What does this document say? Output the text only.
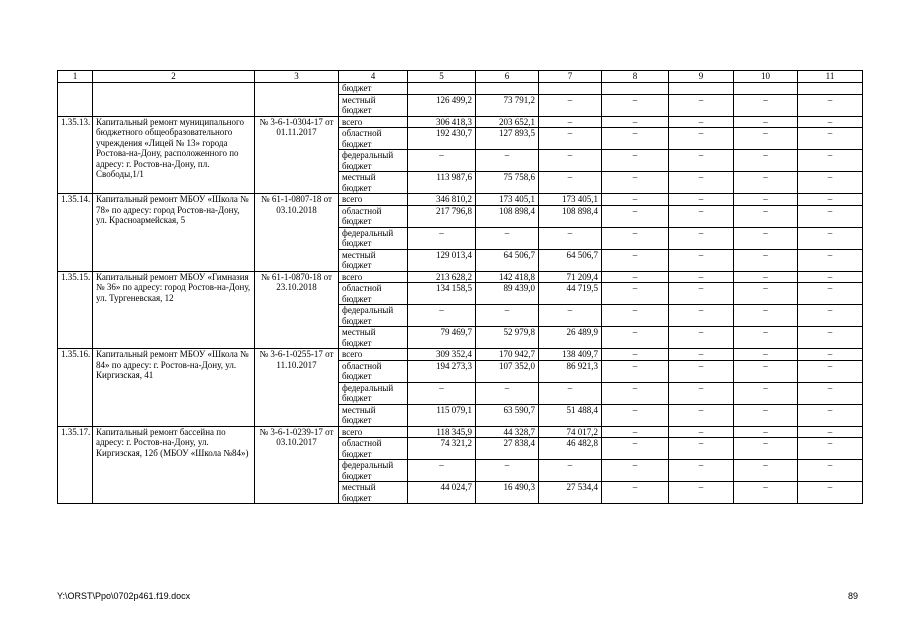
1	2	3	4	5	6	7	8	9	10	11
			бюджет							
			местный бюджет	126 499,2	73 791,2	–	–	–	–	–
1.35.13.	Капитальный ремонт муниципального бюджетного общеобразовательного учреждения «Лицей № 13» города Ростова-на-Дону, расположенного по адресу: г. Ростов-на-Дону, пл. Свободы,1/1	№ 3-6-1-0304-17 от 01.11.2017	всего	306 418,3	203 652,1	–	–	–	–	–
			областной бюджет	192 430,7	127 893,5	–	–	–	–	–
			федеральный бюджет	–	–	–	–	–	–	–
			местный бюджет	113 987,6	75 758,6	–	–	–	–	–
1.35.14.	Капитальный ремонт МБОУ «Школа № 78» по адресу: город Ростов-на-Дону, ул. Красноармейская, 5	№ 61-1-0807-18 от 03.10.2018	всего	346 810,2	173 405,1	173 405,1	–	–	–	–
			областной бюджет	217 796,8	108 898,4	108 898,4	–	–	–	–
			федеральный бюджет	–	–	–	–	–	–	–
			местный бюджет	129 013,4	64 506,7	64 506,7	–	–	–	–
1.35.15.	Капитальный ремонт МБОУ «Гимназия № 36» по адресу: город Ростов-на-Дону, ул. Тургеневская, 12	№ 61-1-0870-18 от 23.10.2018	всего	213 628,2	142 418,8	71 209,4	–	–	–	–
			областной бюджет	134 158,5	89 439,0	44 719,5	–	–	–	–
			федеральный бюджет	–	–	–	–	–	–	–
			местный бюджет	79 469,7	52 979,8	26 489,9	–	–	–	–
1.35.16.	Капитальный ремонт МБОУ «Школа № 84» по адресу: г. Ростов-на-Дону, ул. Киргизская, 41	№ 3-6-1-0255-17 от 11.10.2017	всего	309 352,4	170 942,7	138 409,7	–	–	–	–
			областной бюджет	194 273,3	107 352,0	86 921,3	–	–	–	–
			федеральный бюджет	–	–	–	–	–	–	–
			местный бюджет	115 079,1	63 590,7	51 488,4	–	–	–	–
1.35.17.	Капитальный ремонт бассейна по адресу: г. Ростов-на-Дону, ул. Киргизская, 12б (МБОУ «Школа №84»)	№ 3-6-1-0239-17 от 03.10.2017	всего	118 345,9	44 328,7	74 017,2	–	–	–	–
			областной бюджет	74 321,2	27 838,4	46 482,8	–	–	–	–
			федеральный бюджет	–	–	–	–	–	–	–
			местный бюджет	44 024,7	16 490,3	27 534,4	–	–	–	–
Y:\ORST\Ppo\0702p461.f19.docx	89
